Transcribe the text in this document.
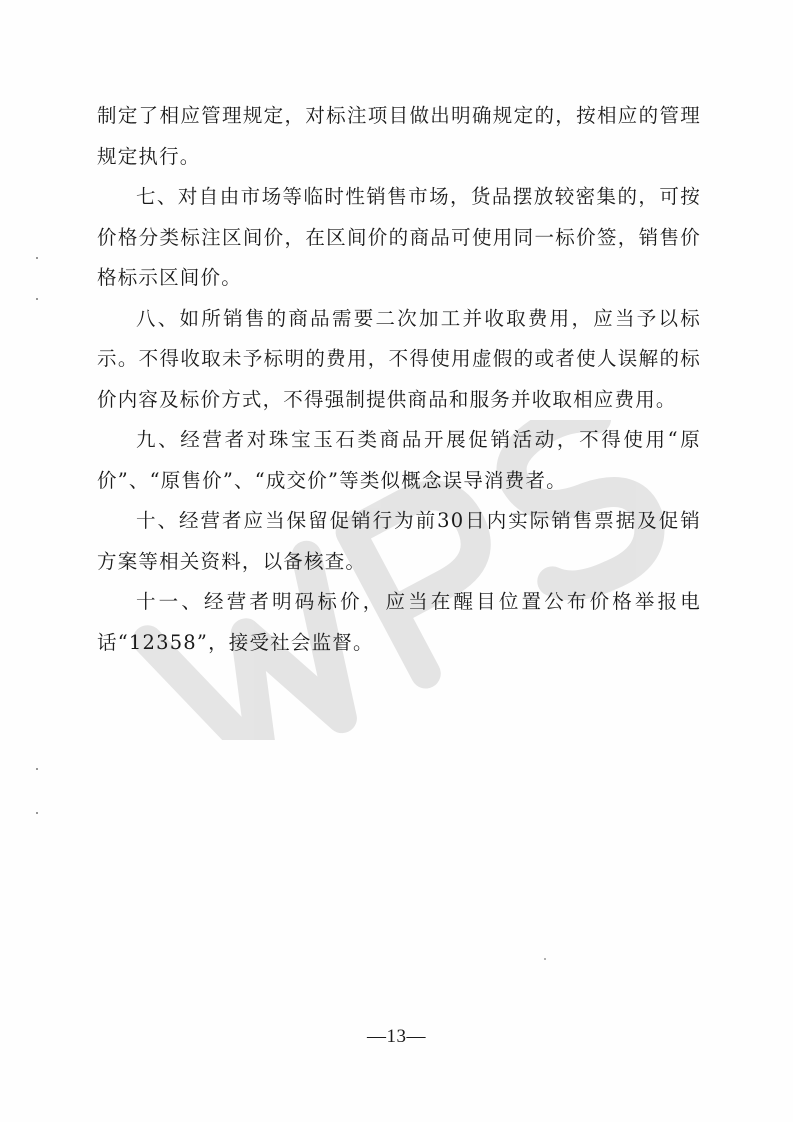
制定了相应管理规定，对标注项目做出明确规定的，按相应的管理规定执行。

七、对自由市场等临时性销售市场，货品摆放较密集的，可按价格分类标注区间价，在区间价的商品可使用同一标价签，销售价格标示区间价。

八、如所销售的商品需要二次加工并收取费用，应当予以标示。不得收取未予标明的费用，不得使用虚假的或者使人误解的标价内容及标价方式，不得强制提供商品和服务并收取相应费用。

九、经营者对珠宝玉石类商品开展促销活动，不得使用“原价”、“原售价”、“成交价”等类似概念误导消费者。

十、经营者应当保留促销行为前30日内实际销售票据及促销方案等相关资料，以备核查。

十一、经营者明码标价，应当在醒目位置公布价格举报电话“12358”，接受社会监督。

—13—
